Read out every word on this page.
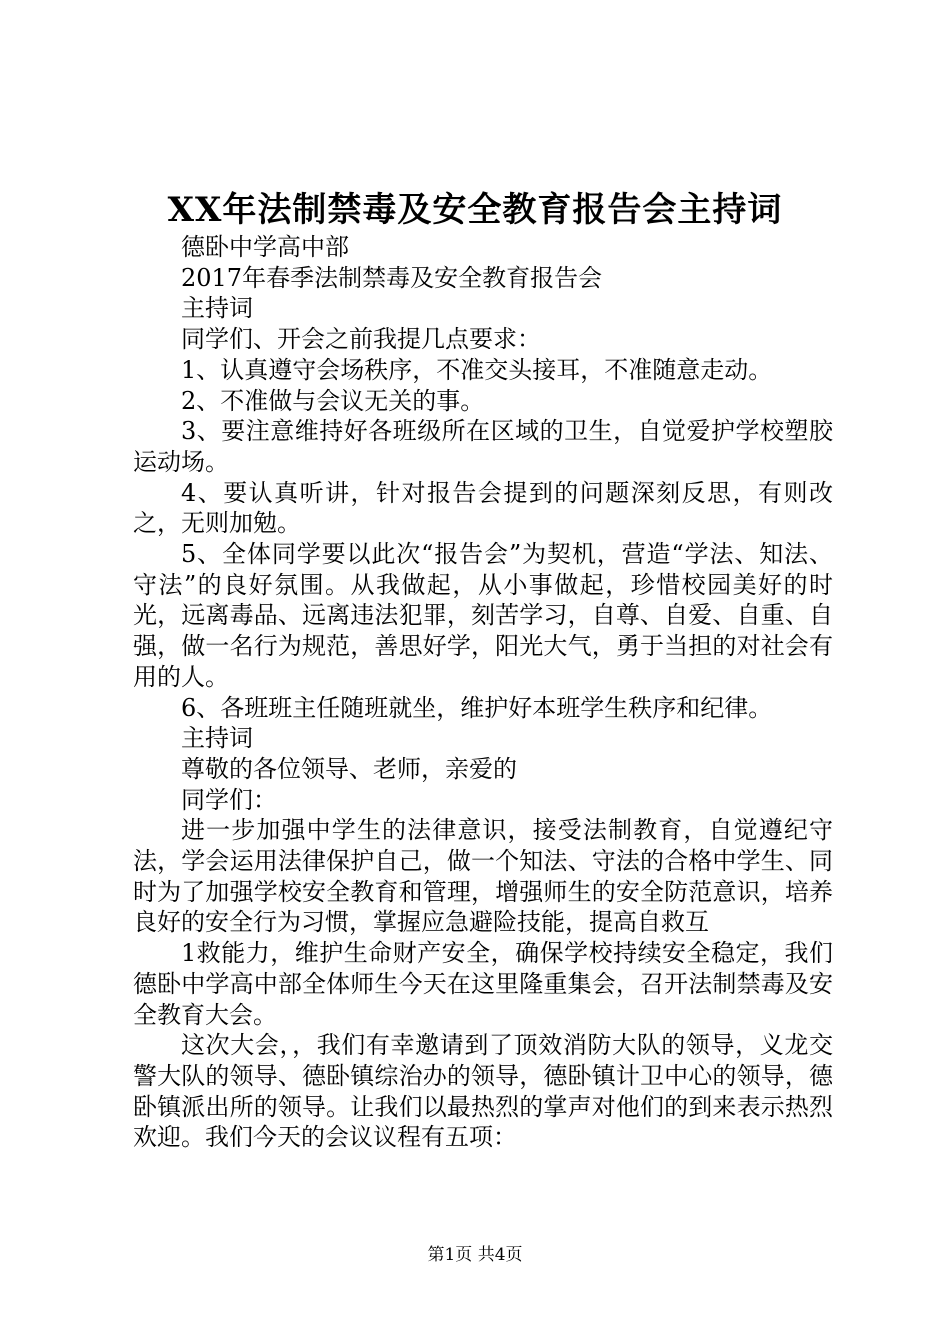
XX年法制禁毒及安全教育报告会主持词

德卧中学高中部

2017年春季法制禁毒及安全教育报告会

主持词

同学们、开会之前我提几点要求：

1、认真遵守会场秩序，不准交头接耳，不准随意走动。

2、不准做与会议无关的事。

3、要注意维持好各班级所在区域的卫生，自觉爱护学校塑胶运动场。

4、要认真听讲，针对报告会提到的问题深刻反思，有则改之，无则加勉。

5、全体同学要以此次“报告会”为契机，营造“学法、知法、守法”的良好氛围。从我做起，从小事做起，珍惜校园美好的时光，远离毒品、远离违法犯罪，刻苦学习，自尊、自爱、自重、自强，做一名行为规范，善思好学，阳光大气，勇于当担的对社会有用的人。

6、各班班主任随班就坐，维护好本班学生秩序和纪律。

主持词

尊敬的各位领导、老师，亲爱的

同学们：

进一步加强中学生的法律意识，接受法制教育，自觉遵纪守法，学会运用法律保护自己，做一个知法、守法的合格中学生、同时为了加强学校安全教育和管理，增强师生的安全防范意识，培养良好的安全行为习惯，掌握应急避险技能，提高自救互

1救能力，维护生命财产安全，确保学校持续安全稳定，我们德卧中学高中部全体师生今天在这里隆重集会，召开法制禁毒及安全教育大会。

这次大会，，我们有幸邀请到了顶效消防大队的领导，义龙交警大队的领导、德卧镇综治办的领导，德卧镇计卫中心的领导，德卧镇派出所的领导。让我们以最热烈的掌声对他们的到来表示热烈欢迎。我们今天的会议议程有五项：

第1页 共4页
